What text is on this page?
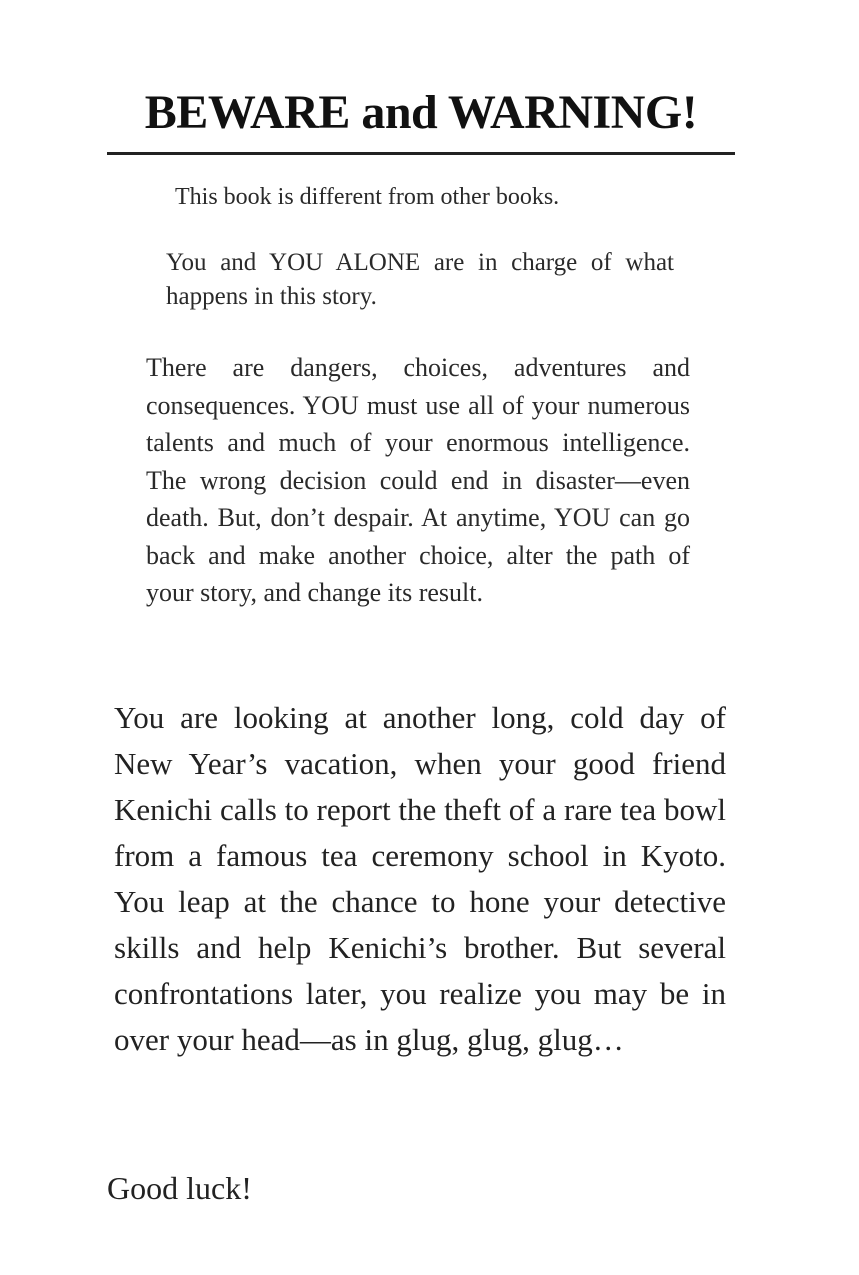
BEWARE and WARNING!

This book is different from other books.

You and YOU ALONE are in charge of what happens in this story.

There are dangers, choices, adventures and consequences. YOU must use all of your numerous talents and much of your enormous intelligence. The wrong decision could end in disaster—even death. But, don’t despair. At anytime, YOU can go back and make another choice, alter the path of your story, and change its result.

You are looking at another long, cold day of New Year’s vacation, when your good friend Kenichi calls to report the theft of a rare tea bowl from a famous tea ceremony school in Kyoto. You leap at the chance to hone your detective skills and help Kenichi’s brother. But several confrontations later, you realize you may be in over your head—as in glug, glug, glug…

Good luck!
